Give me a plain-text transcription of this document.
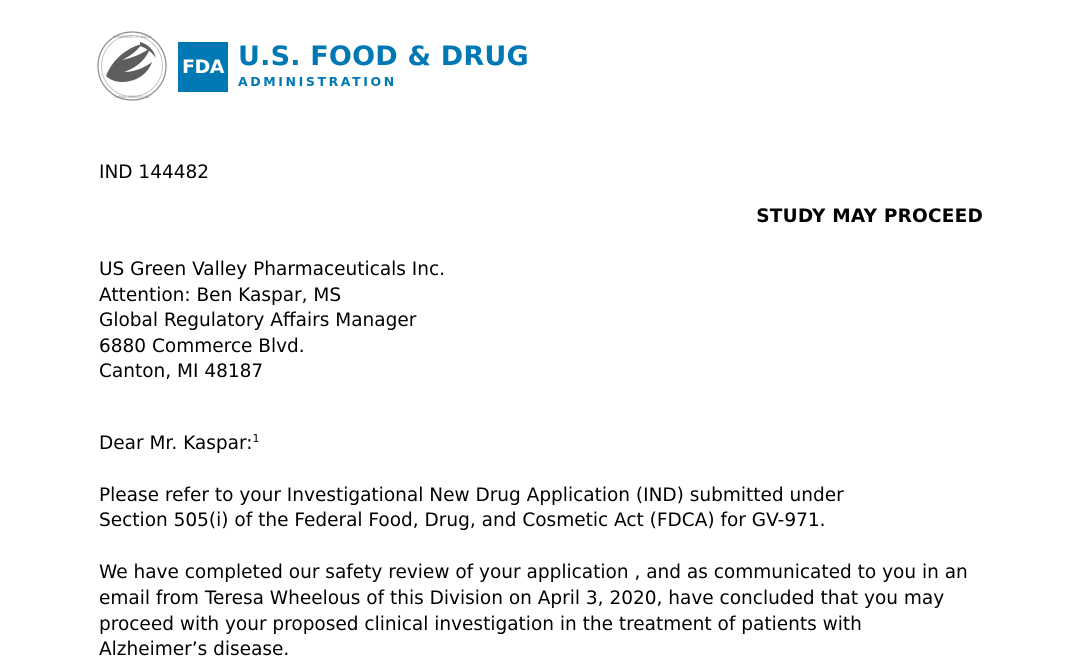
DEPARTMENT OF HEALTH
HUMAN SERVICES USA
FDA U.S. FOOD & DRUG
ADMINISTRATION
IND 144482
STUDY MAY PROCEED
US Green Valley Pharmaceuticals Inc.
Attention: Ben Kaspar, MS
Global Regulatory Affairs Manager
6880 Commerce Blvd.
Canton, MI 48187
Dear Mr. Kaspar:$^1$
Please refer to your Investigational New Drug Application (IND) submitted under Section 505(i) of the Federal Food, Drug, and Cosmetic Act (FDCA) for GV-971.
We have completed our safety review of your application , and as communicated to you in an email from Teresa Wheelous of this Division on April 3, 2020, have concluded that you may proceed with your proposed clinical investigation in the treatment of patients with Alzheimer’s disease.
